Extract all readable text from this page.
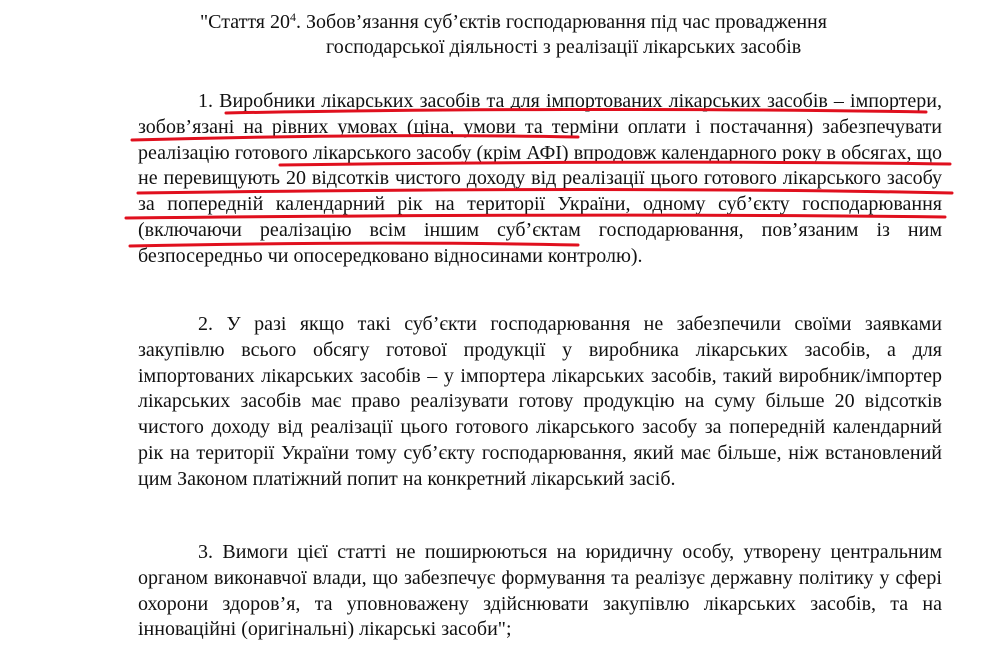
"Стаття $20^4$. Зобов’язання суб’єктів господарювання під час провадження
господарської діяльності з реалізації лікарських засобів

1. Виробники лікарських засобів та для імпортованих лікарських засобів – імпортери, зобов’язані на рівних умовах (ціна, умови та терміни оплати і постачання) забезпечувати реалізацію готового лікарського засобу (крім АФІ) впродовж календарного року в обсягах, що не перевищують 20 відсотків чистого доходу від реалізації цього готового лікарського засобу за попередній календарний рік на території України, одному суб’єкту господарювання (включаючи реалізацію всім іншим суб’єктам господарювання, пов’язаним із ним безпосередньо чи опосередковано відносинами контролю).

2. У разі якщо такі суб’єкти господарювання не забезпечили своїми заявками закупівлю всього обсягу готової продукції у виробника лікарських засобів, а для імпортованих лікарських засобів – у імпортера лікарських засобів, такий виробник/імпортер лікарських засобів має право реалізувати готову продукцію на суму більше 20 відсотків чистого доходу від реалізації цього готового лікарського засобу за попередній календарний рік на території України тому суб’єкту господарювання, який має більше, ніж встановлений цим Законом платіжний попит на конкретний лікарський засіб.

3. Вимоги цієї статті не поширюються на юридичну особу, утворену центральним органом виконавчої влади, що забезпечує формування та реалізує державну політику у сфері охорони здоров’я, та уповноважену здійснювати закупівлю лікарських засобів, та на інноваційні (оригінальні) лікарські засоби";
